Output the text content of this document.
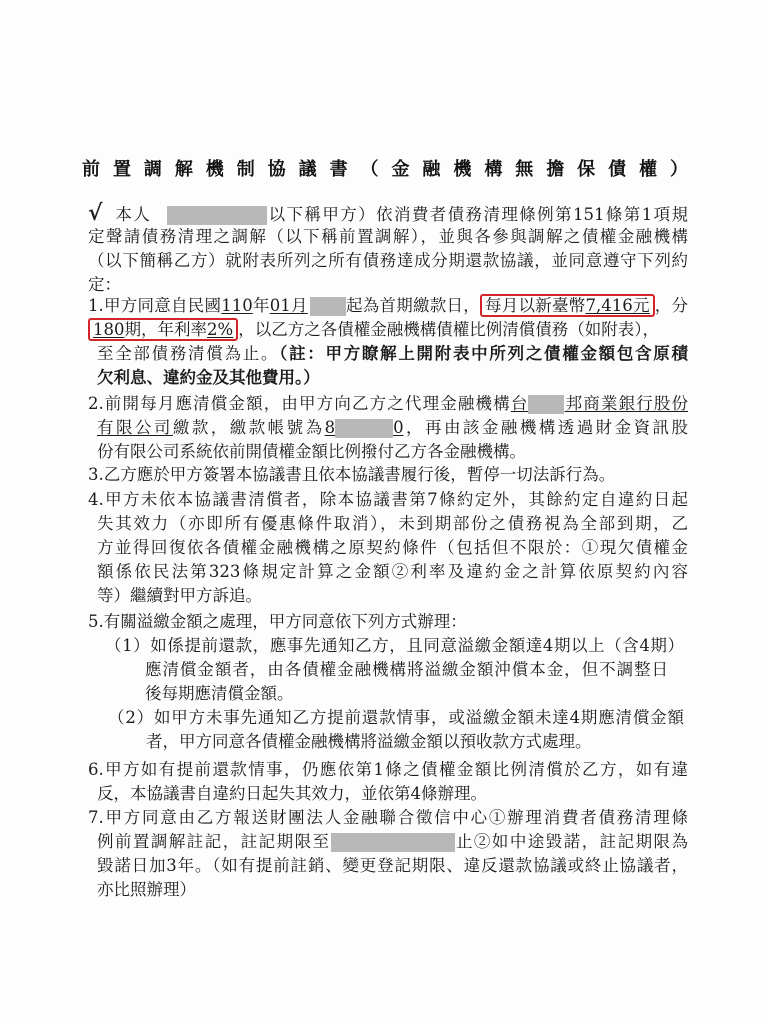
前置調解機制協議書（金融機構無擔保債權）
√ 本人	以下稱甲方）依消費者債務清理條例第151條第1項規
定聲請債務清理之調解（以下稱前置調解），並與各參與調解之債權金融機構
（以下簡稱乙方）就附表所列之所有債務達成分期還款協議，並同意遵守下列約
定：
1.甲方同意自民國110年01月 起為首期繳款日， 每月以新臺幣7,416元 ，分
180期，年利率2% ，以乙方之各債權金融機構債權比例清償債務（如附表），
至全部債務清償為止。（註：甲方瞭解上開附表中所列之債權金額包含原積
欠利息、違約金及其他費用。）
2.前開每月應清償金額，由甲方向乙方之代理金融機構台 邦商業銀行股份
有限公司繳款，繳款帳號為8	0，再由該金融機構透過財金資訊股
份有限公司系統依前開債權金額比例撥付乙方各金融機構。
3.乙方應於甲方簽署本協議書且依本協議書履行後，暫停一切法訴行為。
4.甲方未依本協議書清償者，除本協議書第7條約定外，其餘約定自違約日起
失其效力（亦即所有優惠條件取消），未到期部份之債務視為全部到期，乙
方並得回復依各債權金融機構之原契約條件（包括但不限於：①現欠債權金
額係依民法第323條規定計算之金額②利率及違約金之計算依原契約內容
等）繼續對甲方訴追。
5.有關溢繳金額之處理，甲方同意依下列方式辦理：
（1）如係提前還款，應事先通知乙方，且同意溢繳金額達4期以上（含4期）
應清償金額者，由各債權金融機構將溢繳金額沖償本金，但不調整日
後每期應清償金額。
（2）如甲方未事先通知乙方提前還款情事，或溢繳金額未達4期應清償金額
者，甲方同意各債權金融機構將溢繳金額以預收款方式處理。
6.甲方如有提前還款情事，仍應依第1條之債權金額比例清償於乙方，如有違
反，本協議書自違約日起失其效力，並依第4條辦理。
7.甲方同意由乙方報送財團法人金融聯合徵信中心①辦理消費者債務清理條
例前置調解註記，註記期限至	止②如中途毀諾，註記期限為
毀諾日加3年。（如有提前註銷、變更登記期限、違反還款協議或終止協議者，
亦比照辦理）
